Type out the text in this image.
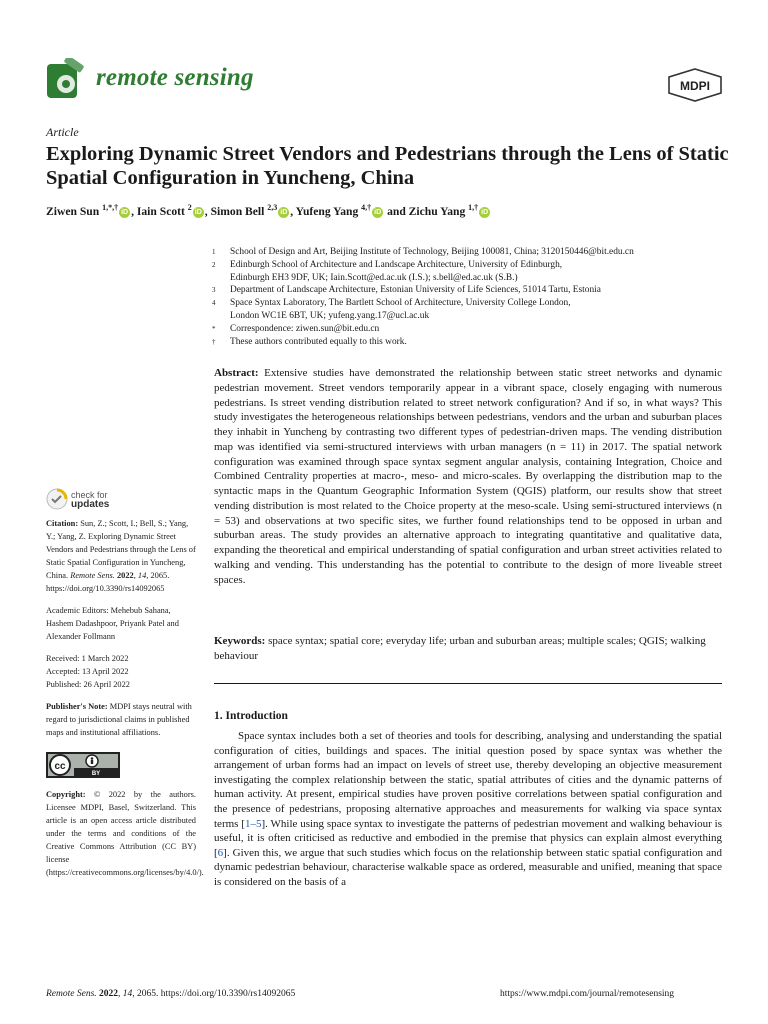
remote sensing	MDPI
Article
Exploring Dynamic Street Vendors and Pedestrians through the Lens of Static Spatial Configuration in Yuncheng, China
Ziwen Sun $^{1,*,\dagger}$iD , Iain Scott $^2$iD , Simon Bell $^{2,3}$iD , Yufeng Yang $^{4,\dagger}$iD and Zichu Yang $^{1,\dagger}$iD
1	School of Design and Art, Beijing Institute of Technology, Beijing 100081, China; 3120150446@bit.edu.cn
2	Edinburgh School of Architecture and Landscape Architecture, University of Edinburgh,
Edinburgh EH3 9DF, UK; Iain.Scott@ed.ac.uk (I.S.); s.bell@ed.ac.uk (S.B.)
3	Department of Landscape Architecture, Estonian University of Life Sciences, 51014 Tartu, Estonia
4	Space Syntax Laboratory, The Bartlett School of Architecture, University College London,
London WC1E 6BT, UK; yufeng.yang.17@ucl.ac.uk
*	Correspondence: ziwen.sun@bit.edu.cn
†	These authors contributed equally to this work.
Abstract: Extensive studies have demonstrated the relationship between static street networks and dynamic pedestrian movement. Street vendors temporarily appear in a vibrant space, closely engaging with numerous pedestrians. Is street vending distribution related to street network configuration? And if so, in what ways? This study investigates the heterogeneous relationships between pedestrians, vendors and the urban and suburban places they inhabit in Yuncheng by contrasting two different types of pedestrian-driven maps. The vending distribution map was identified via semi-structured interviews with urban managers (n = 11) in 2017. The spatial network configuration was examined through space syntax segment angular analysis, containing Integration, Choice and Combined Centrality properties at macro-, meso- and micro-scales. By overlapping the distribution map to the syntactic maps in the Quantum Geographic Information System (QGIS) platform, our results show that street vending distribution is most related to the Choice property at the meso-scale. Using semi-structured interviews (n = 53) and observations at two specific sites, we further found relationships tend to be opposed in urban and suburban areas. The study provides an alternative approach to integrating quantitative and qualitative data, expanding the theoretical and empirical understanding of spatial configuration and urban street activities related to walking and vending. This understanding has the potential to contribute to the design of more liveable street spaces.
Keywords: space syntax; spatial core; everyday life; urban and suburban areas; multiple scales; QGIS; walking behaviour
1. Introduction
Space syntax includes both a set of theories and tools for describing, analysing and understanding the spatial configuration of cities, buildings and spaces. The initial question posed by space syntax was whether the arrangement of urban forms had an impact on levels of street use, thereby developing an objective measurement investigating the complex relationship between the static, spatial attributes of cities and the dynamic patterns of human activity. At present, empirical studies have proven positive correlations between spatial configuration and the presence of pedestrians, proposing alternative approaches and measurements for walking via space syntax terms [1–5]. While using space syntax to investigate the patterns of pedestrian movement and walking behaviour is useful, it is often criticised as reductive and embodied in the premise that physics can explain almost everything [6]. Given this, we argue that such studies which focus on the relationship between static spatial configuration and dynamic pedestrian behaviour, characterise walkable space as ordered, measurable and unified, meaning that space is considered on the basis of a
check for
updates

Citation: Sun, Z.; Scott, I.; Bell, S.; Yang, Y.; Yang, Z. Exploring Dynamic Street Vendors and Pedestrians through the Lens of Static Spatial Configuration in Yuncheng, China. Remote Sens. 2022, 14, 2065. https://doi.org/10.3390/rs14092065

Academic Editors: Mehebub Sahana, Hashem Dadashpoor, Priyank Patel and Alexander Follmann

Received: 1 March 2022
Accepted: 13 April 2022
Published: 26 April 2022

Publisher's Note: MDPI stays neutral with regard to jurisdictional claims in published maps and institutional affiliations.

cc
BY

Copyright: © 2022 by the authors. Licensee MDPI, Basel, Switzerland. This article is an open access article distributed under the terms and conditions of the Creative Commons Attribution (CC BY) license (https://creativecommons.org/licenses/by/4.0/).

Remote Sens. 2022, 14, 2065. https://doi.org/10.3390/rs14092065	https://www.mdpi.com/journal/remotesensing
